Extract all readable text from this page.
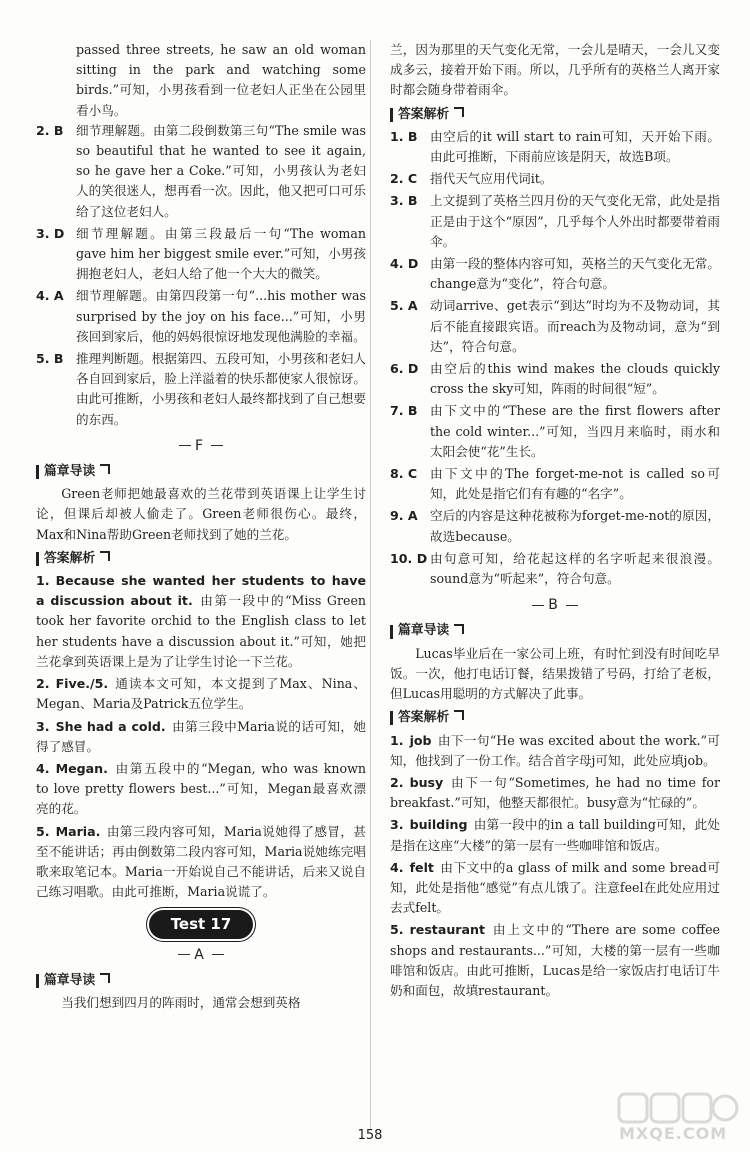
passed three streets, he saw an old woman sitting in the park and watching some birds.”可知，小男孩看到一位老妇人正坐在公园里看小鸟。

2. B 细节理解题。由第二段倒数第三句“The smile was so beautiful that he wanted to see it again, so he gave her a Coke.”可知，小男孩认为老妇人的笑很迷人，想再看一次。因此，他又把可口可乐给了这位老妇人。
3. D 细节理解题。由第三段最后一句“The woman gave him her biggest smile ever.”可知，小男孩拥抱老妇人，老妇人给了他一个大大的微笑。
4. A 细节理解题。由第四段第一句“...his mother was surprised by the joy on his face...”可知，小男孩回到家后，他的妈妈很惊讶地发现他满脸的幸福。
5. B 推理判断题。根据第四、五段可知，小男孩和老妇人各自回到家后，脸上洋溢着的快乐都使家人很惊讶。由此可推断，小男孩和老妇人最终都找到了自己想要的东西。
F
篇章导读

Green老师把她最喜欢的兰花带到英语课上让学生讨论，但课后却被人偷走了。Green老师很伤心。最终，Max和Nina帮助Green老师找到了她的兰花。

答案解析
1. Because she wanted her students to have a discussion about it. 由第一段中的“Miss Green took her favorite orchid to the English class to let her students have a discussion about it.”可知，她把兰花拿到英语课上是为了让学生讨论一下兰花。
2. Five./5. 通读本文可知，本文提到了Max、Nina、Megan、Maria及Patrick五位学生。
3. She had a cold. 由第三段中Maria说的话可知，她得了感冒。
4. Megan. 由第五段中的“Megan, who was known to love pretty flowers best...”可知，Megan最喜欢漂亮的花。
5. Maria. 由第三段内容可知，Maria说她得了感冒，甚至不能讲话；再由倒数第二段内容可知，Maria说她练完唱歌来取笔记本。Maria一开始说自己不能讲话，后来又说自己练习唱歌。由此可推断，Maria说谎了。
Test 17
A
篇章导读

当我们想到四月的阵雨时，通常会想到英格

兰，因为那里的天气变化无常，一会儿是晴天，一会儿又变成多云，接着开始下雨。所以，几乎所有的英格兰人离开家时都会随身带着雨伞。

答案解析
1. B 由空后的it will start to rain可知，天开始下雨。由此可推断，下雨前应该是阴天，故选B项。
2. C 指代天气应用代词it。
3. B 上文提到了英格兰四月份的天气变化无常，此处是指正是由于这个“原因”，几乎每个人外出时都要带着雨伞。
4. D 由第一段的整体内容可知，英格兰的天气变化无常。change意为“变化”，符合句意。
5. A 动词arrive、get表示“到达”时均为不及物动词，其后不能直接跟宾语。而reach为及物动词，意为“到达”，符合句意。
6. D 由空后的this wind makes the clouds quickly cross the sky可知，阵雨的时间很“短”。
7. B 由下文中的“These are the first flowers after the cold winter...”可知，当四月来临时，雨水和太阳会使“花”生长。
8. C 由下文中的The forget-me-not is called so可知，此处是指它们有有趣的“名字”。
9. A 空后的内容是这种花被称为forget-me-not的原因，故选because。
10. D 由句意可知，给花起这样的名字听起来很浪漫。sound意为“听起来”，符合句意。
B
篇章导读

Lucas毕业后在一家公司上班，有时忙到没有时间吃早饭。一次，他打电话订餐，结果拨错了号码，打给了老板，但Lucas用聪明的方式解决了此事。

答案解析
1. job 由下一句“He was excited about the work.”可知，他找到了一份工作。结合首字母j可知，此处应填job。
2. busy 由下一句“Sometimes, he had no time for breakfast.”可知，他整天都很忙。busy意为“忙碌的”。
3. building 由第一段中的in a tall building可知，此处是指在这座“大楼”的第一层有一些咖啡馆和饭店。
4. felt 由下文中的a glass of milk and some bread可知，此处是指他“感觉”有点儿饿了。注意feel在此处应用过去式felt。
5. restaurant 由上文中的“There are some coffee shops and restaurants...”可知，大楼的第一层有一些咖啡馆和饭店。由此可推断，Lucas是给一家饭店打电话订牛奶和面包，故填restaurant。
158	MXQE.COM
